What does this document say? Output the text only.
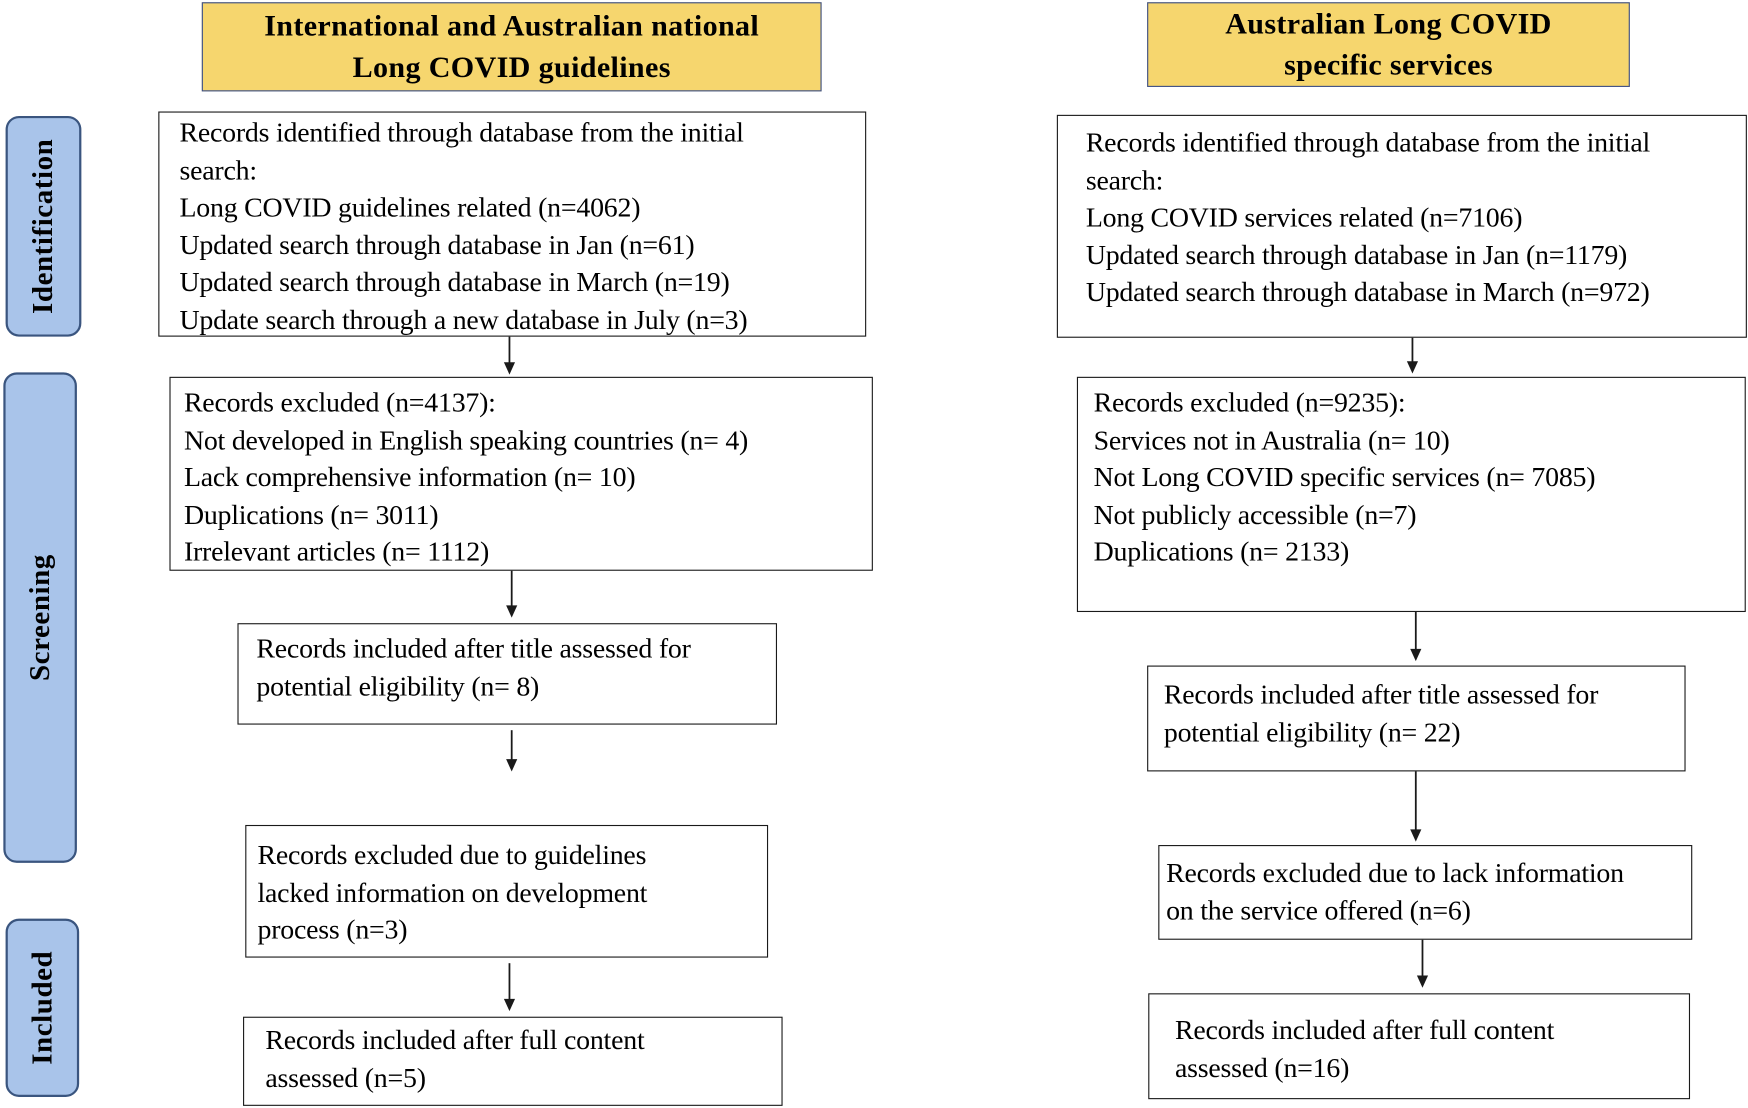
Identification
Screening
Included
International and Australian national
Long COVID guidelines
Australian Long COVID
specific services
Records identified through database from the initial
search:
Long COVID guidelines related (n=4062)
Updated search through database in Jan (n=61)
Updated search through database in March (n=19)
Update search through a new database in July (n=3)
Records excluded (n=4137):
Not developed in English speaking countries (n= 4)
Lack comprehensive information (n= 10)
Duplications (n= 3011)
Irrelevant articles (n= 1112)
Records included after title assessed for
potential eligibility (n= 8)
Records excluded due to guidelines
lacked information on development
process (n=3)
Records included after full content
assessed (n=5)
Records identified through database from the initial
search:
Long COVID services related (n=7106)
Updated search through database in Jan (n=1179)
Updated search through database in March (n=972)
Records excluded (n=9235):
Services not in Australia (n= 10)
Not Long COVID specific services (n= 7085)
Not publicly accessible (n=7)
Duplications (n= 2133)
Records included after title assessed for
potential eligibility (n= 22)
Records excluded due to lack information
on the service offered (n=6)
Records included after full content
assessed (n=16)
